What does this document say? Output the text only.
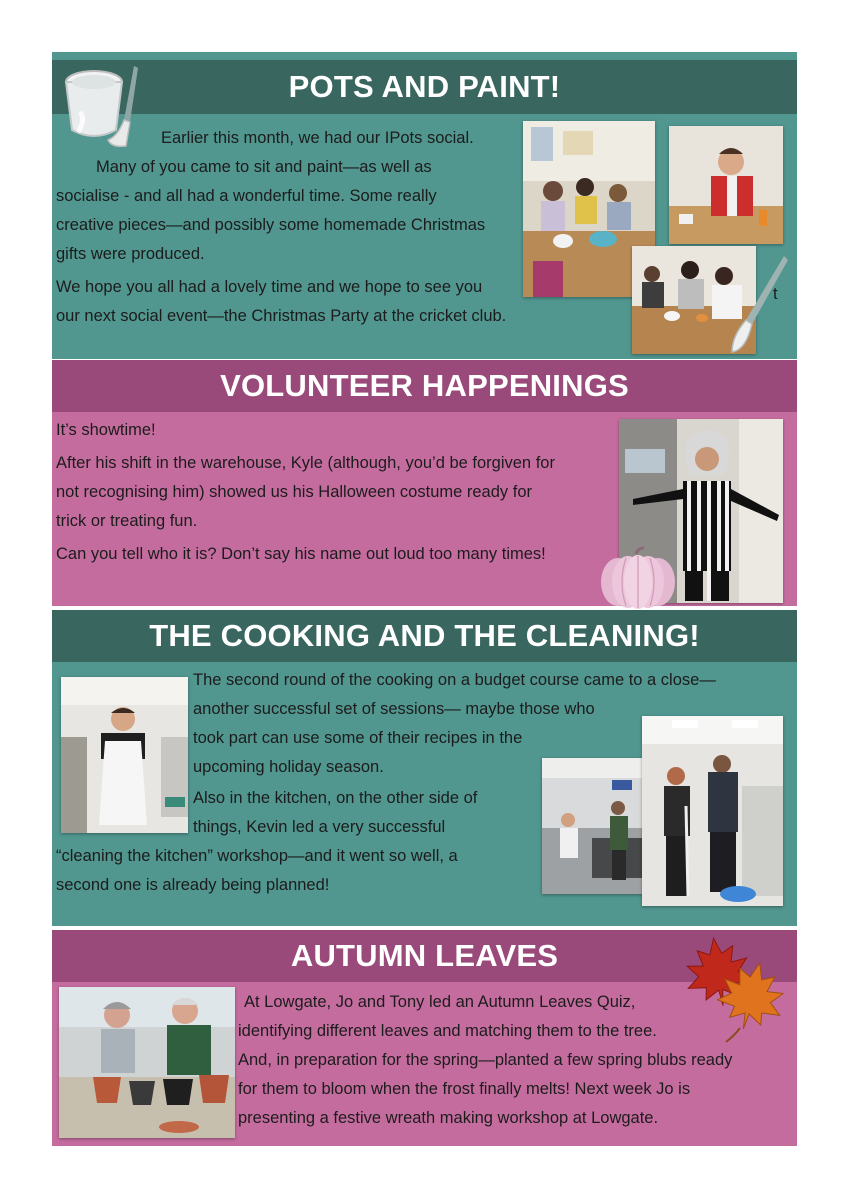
POTS AND PAINT!

Earlier this month, we had our IPots social.

Many of you came to sit and paint—as well as

socialise - and all had a wonderful time. Some really

creative pieces—and possibly some homemade Christmas

gifts were produced.

We hope you all had a lovely time and we hope to see you

our next social event—the Christmas Party at the cricket club.

t
VOLUNTEER HAPPENINGS

It’s showtime!

After his shift in the warehouse, Kyle (although, you’d be forgiven for

not recognising him) showed us his Halloween costume ready for

trick or treating fun.

Can you tell who it is? Don’t say his name out loud too many times!

THE COOKING AND THE CLEANING!

The second round of the cooking on a budget course came to a close—

another successful set of sessions— maybe those who

took part can use some of their recipes in the

upcoming holiday season.

Also in the kitchen, on the other side of

things, Kevin led a very successful

“cleaning the kitchen” workshop—and it went so well, a

second one is already being planned!

AUTUMN LEAVES

At Lowgate, Jo and Tony led an Autumn Leaves Quiz,

identifying different leaves and matching them to the tree.

And, in preparation for the spring—planted a few spring blubs ready

for them to bloom when the frost finally melts! Next week Jo is

presenting a festive wreath making workshop at Lowgate.
